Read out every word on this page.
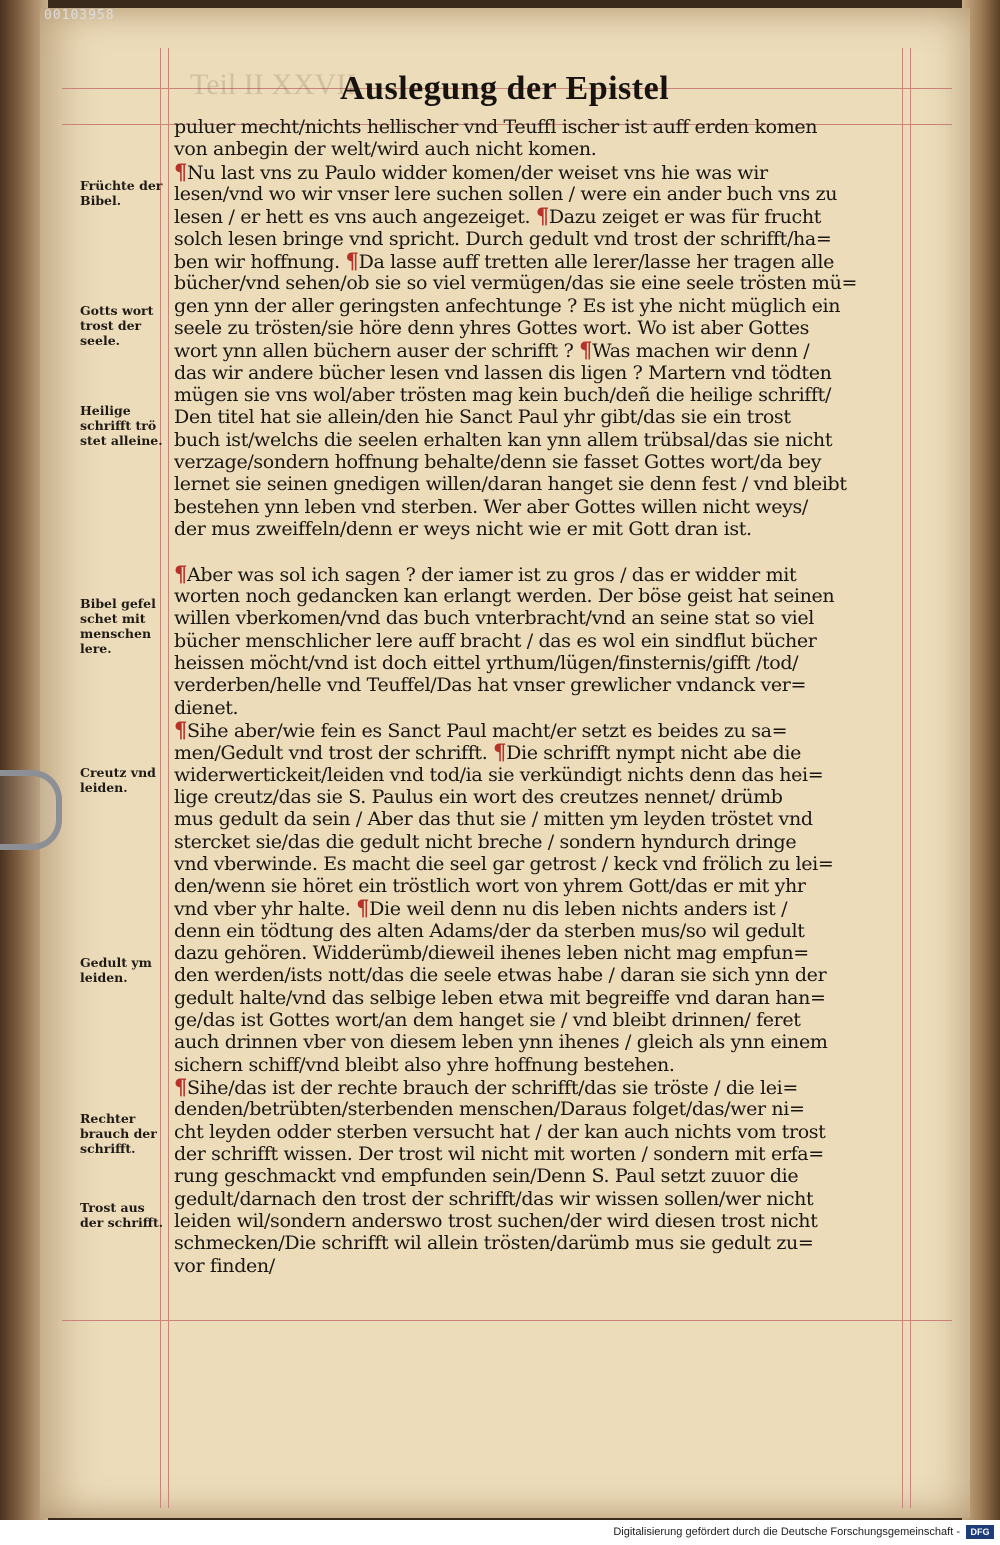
00103958
Teil II XXVII
Auslegung der Epistel
puluer mecht/nichts hellischer vnd Teuffl ischer ist auff erden komen
von anbegin der welt/wird auch nicht komen.
¶Nu last vns zu Paulo widder komen/der weiset vns hie was wir
lesen/vnd wo wir vnser lere suchen sollen / were ein ander buch vns zu
lesen / er hett es vns auch angezeiget. ¶Dazu zeiget er was für frucht
solch lesen bringe vnd spricht. Durch gedult vnd trost der schrifft/ha=
ben wir hoffnung. ¶Da lasse auff tretten alle lerer/lasse her tragen alle
bücher/vnd sehen/ob sie so viel vermügen/das sie eine seele trösten mü=
gen ynn der aller geringsten anfechtunge ? Es ist yhe nicht müglich ein
seele zu trösten/sie höre denn yhres Gottes wort. Wo ist aber Gottes
wort ynn allen büchern auser der schrifft ? ¶Was machen wir denn /
das wir andere bücher lesen vnd lassen dis ligen ? Martern vnd tödten
mügen sie vns wol/aber trösten mag kein buch/deñ die heilige schrifft/
Den titel hat sie allein/den hie Sanct Paul yhr gibt/das sie ein trost
buch ist/welchs die seelen erhalten kan ynn allem trübsal/das sie nicht
verzage/sondern hoffnung behalte/denn sie fasset Gottes wort/da bey
lernet sie seinen gnedigen willen/daran hanget sie denn fest / vnd bleibt
bestehen ynn leben vnd sterben. Wer aber Gottes willen nicht weys/
der mus zweiffeln/denn er weys nicht wie er mit Gott dran ist.
¶Aber was sol ich sagen ? der iamer ist zu gros / das er widder mit
worten noch gedancken kan erlangt werden. Der böse geist hat seinen
willen vberkomen/vnd das buch vnterbracht/vnd an seine stat so viel
bücher menschlicher lere auff bracht / das es wol ein sindflut bücher
heissen möcht/vnd ist doch eittel yrthum/lügen/finsternis/gifft /tod/
verderben/helle vnd Teuffel/Das hat vnser grewlicher vndanck ver=
dienet.
¶Sihe aber/wie fein es Sanct Paul macht/er setzt es beides zu sa=
men/Gedult vnd trost der schrifft. ¶Die schrifft nympt nicht abe die
widerwertickeit/leiden vnd tod/ia sie verkündigt nichts denn das hei=
lige creutz/das sie S. Paulus ein wort des creutzes nennet/ drümb
mus gedult da sein / Aber das thut sie / mitten ym leyden tröstet vnd
stercket sie/das die gedult nicht breche / sondern hyndurch dringe
vnd vberwinde. Es macht die seel gar getrost / keck vnd frölich zu lei=
den/wenn sie höret ein tröstlich wort von yhrem Gott/das er mit yhr
vnd vber yhr halte. ¶Die weil denn nu dis leben nichts anders ist /
denn ein tödtung des alten Adams/der da sterben mus/so wil gedult
dazu gehören. Widderümb/dieweil ihenes leben nicht mag empfun=
den werden/ists nott/das die seele etwas habe / daran sie sich ynn der
gedult halte/vnd das selbige leben etwa mit begreiffe vnd daran han=
ge/das ist Gottes wort/an dem hanget sie / vnd bleibt drinnen/ feret
auch drinnen vber von diesem leben ynn ihenes / gleich als ynn einem
sichern schiff/vnd bleibt also yhre hoffnung bestehen.
¶Sihe/das ist der rechte brauch der schrifft/das sie tröste / die lei=
denden/betrübten/sterbenden menschen/Daraus folget/das/wer ni=
cht leyden odder sterben versucht hat / der kan auch nichts vom trost
der schrifft wissen. Der trost wil nicht mit worten / sondern mit erfa=
rung geschmackt vnd empfunden sein/Denn S. Paul setzt zuuor die
gedult/darnach den trost der schrifft/das wir wissen sollen/wer nicht
leiden wil/sondern anderswo trost suchen/der wird diesen trost nicht
schmecken/Die schrifft wil allein trösten/darümb mus sie gedult zu=
vor finden/
Früchte der
Bibel.
Gotts wort
trost der
seele.
Heilige
schrifft trö
stet alleine.
Bibel gefel
schet mit
menschen
lere.
Creutz vnd
leiden.
Gedult ym
leiden.
Rechter
brauch der
schrifft.
Trost aus
der schrifft.
Digitalisierung gefördert durch die Deutsche Forschungsgemeinschaft -	DFG
